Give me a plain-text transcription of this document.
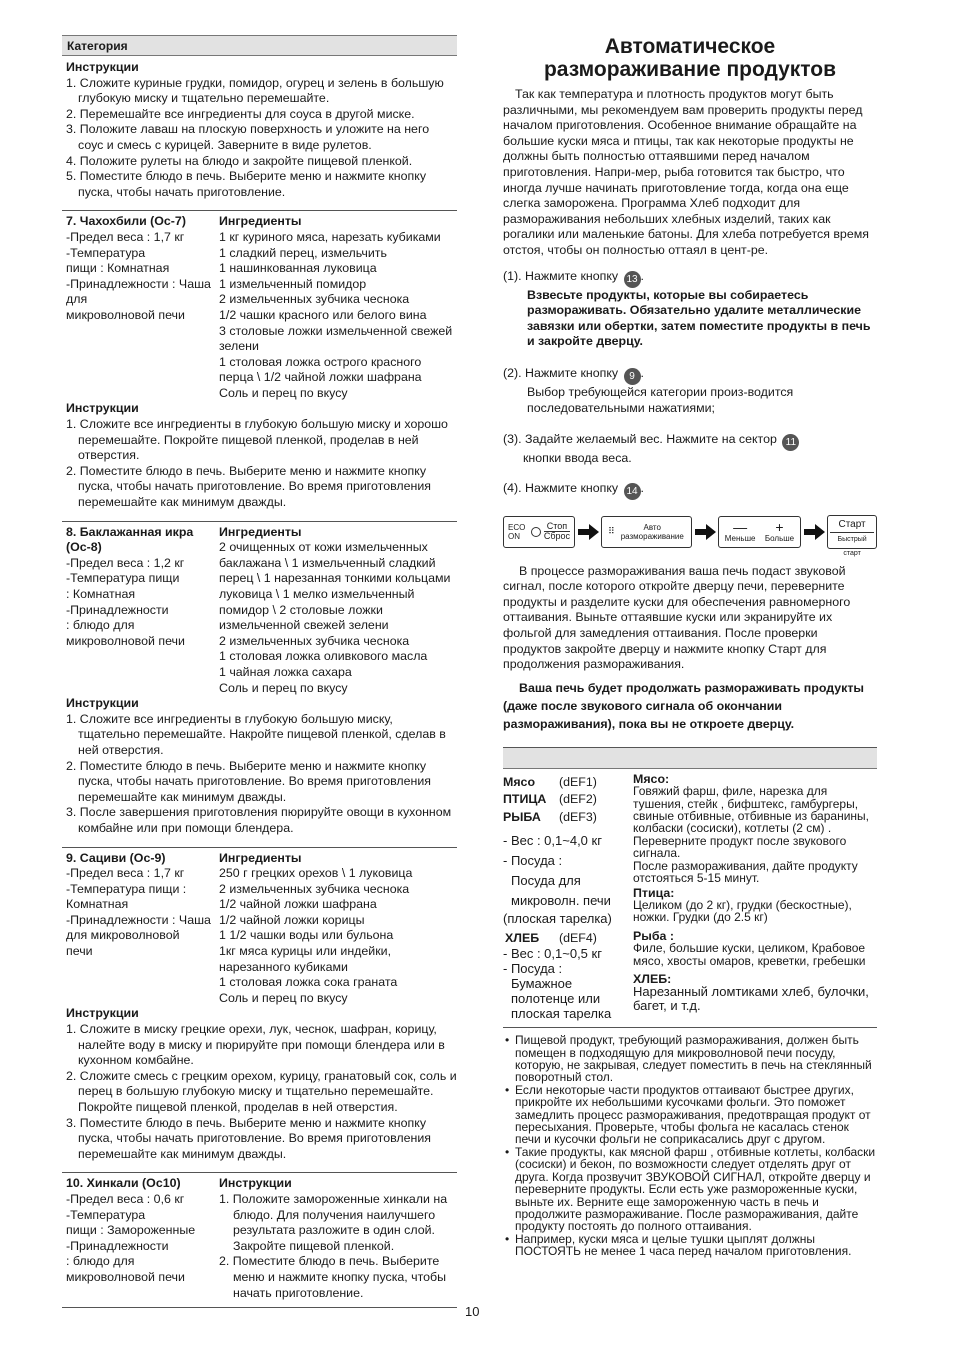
Категория
Инструкции
1. Сложите куриные грудки, помидор, огурец и зелень в большую глубокую миску и тщательно перемешайте.
2. Перемешайте все ингредиенты для соуса в другой миске.
3. Положите лаваш на плоскую поверхность и уложите на него соус и смесь с курицей. Заверните в виде рулетов.
4. Положите рулеты на блюдо и закройте пищевой пленкой.
5. Поместите блюдо в печь. Выберите меню и нажмите кнопку пуска, чтобы начать приготовление.
7. Чахохбили (Ос-7)
-Предел веса : 1,7 кг
-Температура
пищи : Комнатная
-Принадлежности : Чаша для
микроволновой печи
Ингредиенты
1 кг куриного мяса, нарезать кубиками
1 сладкий перец, измельчить
1 нашинкованная луковица
1 измельченный помидор
2 измельченных зубчика чеснока
1/2 чашки красного или белого вина
3 столовые ложки измельченной свежей зелени
1 столовая ложка острого красного перца \ 1/2 чайной ложки шафрана
Соль и перец по вкусу
Инструкции
1. Сложите все ингредиенты в глубокую большую миску и хорошо перемешайте. Покройте пищевой пленкой, проделав в ней отверстия.
2. Поместите блюдо в печь. Выберите меню и нажмите кнопку пуска, чтобы начать приготовление. Во время приготовления перемешайте как минимум дважды.
8. Баклажанная икра (Ос-8)
-Предел веса : 1,2 кг
-Температура пищи
: Комнатная
-Принадлежности
: блюдо для
микроволновой печи
Ингредиенты
2 очищенных от кожи измельченных баклажана \ 1 измельченный сладкий перец \ 1 нарезанная тонкими кольцами луковица \ 1 мелко измельченный помидор \ 2 столовые ложки измельченной свежей зелени
2 измельченных зубчика чеснока
1 столовая ложка оливкового масла
1 чайная ложка сахара
Соль и перец по вкусу
Инструкции
1. Сложите все ингредиенты в глубокую большую миску, тщательно перемешайте. Накройте пищевой пленкой, сделав в ней отверстия.
2. Поместите блюдо в печь. Выберите меню и нажмите кнопку пуска, чтобы начать приготовление. Во время приготовления перемешайте как минимум дважды.
3. После завершения приготовления пюрируйте овощи в кухонном комбайне или при помощи блендера.
9. Сациви (Ос-9)
-Предел веса : 1,7 кг
-Температура пищи :
Комнатная
-Принадлежности : Чаша для микроволновой
печи
Ингредиенты
250 г грецких орехов \ 1 луковица
2 измельченных зубчика чеснока
1/2 чайной ложки шафрана
1/2 чайной ложки корицы
1 1/2 чашки воды или бульона
1кг мяса курицы или индейки, нарезанного кубиками
1 столовая ложка сока граната
Соль и перец по вкусу
Инструкции
1. Сложите в миску грецкие орехи, лук, чеснок, шафран, корицу, налейте воду в миску и пюрируйте при помощи блендера или в кухонном комбайне.
2. Сложите смесь с грецким орехом, курицу, гранатовый сок, соль и перец в большую глубокую миску и тщательно перемешайте. Покройте пищевой пленкой, проделав в ней отверстия.
3. Поместите блюдо в печь. Выберите меню и нажмите кнопку пуска, чтобы начать приготовление. Во время приготовления перемешайте как минимум дважды.
10. Хинкали (Ос10)
-Предел веса : 0,6 кг
-Температура
пищи : Замороженные
-Принадлежности
: блюдо для
микроволновой печи
Инструкции
1. Положите замороженные хинкали на блюдо. Для получения наилучшего результата разложите в один слой. Закройте пищевой пленкой.
2. Поместите блюдо в печь. Выберите меню и нажмите кнопку пуска, чтобы начать приготовление.
10
Автоматическое
размораживание продуктов

Так как температура и плотность продуктов могут быть различными, мы рекомендуем вам проверить продукты перед началом приготовления. Особенное внимание обращайте на большие куски мяса и птицы, так как некоторые продукты не должны быть полностью оттаявшими перед началом приготовления. Напри-мер, рыба готовится так быстро, что иногда лучше начинать приготовление тогда, когда она еще слегка заморожена. Программа Хлеб подходит для размораживания небольших хлебных изделий, таких как рогалики или маленькие батоны. Для хлеба потребуется время отстоя, чтобы он полностью оттаял в цент-ре.

(1). Нажмите кнопку 13 .
Взвесьте продукты, которые вы собираетесь размораживать. Обязательно удалите металлические завязки или обертки, затем поместите продукты в печь и закройте дверцу.
(2). Нажмите кнопку 9 .
Выбор требующейся категории произ-водится последовательными нажатиями;
(3). Задайте желаемый вес. Нажмите на сектор 11
кнопки ввода веса.
(4). Нажмите кнопку 14 .
ECO ON
Стоп
Сброс	⠿	Авто
размораживание
—
Меньше
+
Больше
Старт
Быстрый старт

В процессе размораживания ваша печь подаст звуковой сигнал, после которого откройте дверцу печи, переверните продукты и разделите куски для обеспечения равномерного оттаивания. Выньте оттаявшие куски или экранируйте их фольгой для замедления оттаивания. После проверки продуктов закройте дверцу и нажмите кнопку Старт для продолжения размораживания.

Ваша печь будет продолжать размораживать продукты (даже после звукового сигнала об окончании размораживания), пока вы не откроете дверцу.

Мясо (dEF1)
ПТИЦА (dEF2)
РЫБА (dEF3)
- Вес : 0,1~4,0 кг
- Посуда :
Посуда для
микроволн. печи
(плоская тарелка)
ХЛЕБ (dEF4)
- Вес : 0,1~0,5 кг
- Посуда :
Бумажное
полотенце или
плоская тарелка
Мясо:
Говяжий фарш, филе, нарезка для тушения, стейк , бифштекс, гамбургеры, свиные отбивные, отбивные из баранины, колбаски (сосиски), котлеты (2 см) . Переверните продукт после звукового сигнала.
После размораживания, дайте продукту отстояться 5-15 минут.
Птица:
Целиком (до 2 кг), грудки (бескостные), ножки. Грудки (до 2.5 кг)
Рыба :
Филе, большие куски, целиком, Крабовое мясо, хвосты омаров, креветки, гребешки
ХЛЕБ:
Нарезанный ломтиками хлеб, булочки, багет, и т.д.
• Пищевой продукт, требующий размораживания, должен быть помещен в подходящую для микроволновой печи посуду, которую, не закрывая, следует поместить в печь на стеклянный поворотный стол.
• Если некоторые части продуктов оттаивают быстрее других, прикройте их небольшими кусочками фольги. Это поможет замедлить процесс размораживания, предотвращая продукт от пересыхания. Проверьте, чтобы фольга не касалась стенок печи и кусочки фольги не соприкасались друг с другом.
• Такие продукты, как мясной фарш , отбивные котлеты, колбаски (сосиски) и бекон, по возможности следует отделять друг от друга. Когда прозвучит ЗВУКОВОЙ СИГНАЛ, откройте дверцу и переверните продукты. Если есть уже размороженные куски, выньте их. Верните еще замороженную часть в печь и продолжите размораживание. После размораживания, дайте продукту постоять до полного оттаивания.
• Например, куски мяса и целые тушки цыплят должны ПОСТОЯТЬ не менее 1 часа перед началом приготовления.
